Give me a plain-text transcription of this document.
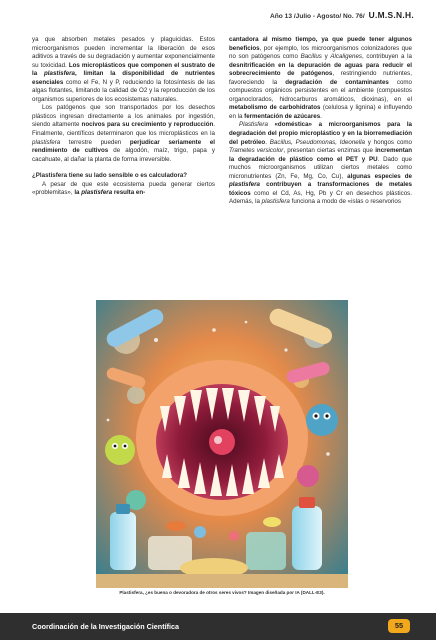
Año 13 /Julio - Agosto/ No. 76/ U.M.S.N.H.

ya que absorben metales pesados y plaguicidas. Estos microorganismos pueden incrementar la liberación de esos aditivos a través de su degradación y aumentar exponencialmente su toxicidad. Los microplásticos que componen el sustrato de la plastisfera, limitan la disponibilidad de nutrientes esenciales como el Fe, N y P, reduciendo la fotosíntesis de las algas flotantes, limitando la calidad de O2 y la reproducción de los organismos superiores de los ecosistemas naturales.

Los patógenos que son transportados por los desechos plásticos ingresan directamente a los animales por ingestión, siendo altamente nocivos para su crecimiento y reproducción. Finalmente, científicos determinaron que los microplásticos en la plastisfera terrestre pueden perjudicar seriamente el rendimiento de cultivos de algodón, maíz, trigo, papa y cacahuate, al dañar la planta de forma irreversible.

¿Plastisfera tiene su lado sensible o es calculadora?

A pesar de que este ecosistema pueda generar ciertos «problemitas», la plastisfera resulta en-

cantadora al mismo tiempo, ya que puede tener algunos beneficios, por ejemplo, los microorganismos colonizadores que no son patógenos como Bacillus y Alcaligenes, contribuyen a la desnitrificación en la depuración de aguas para reducir el sobrecrecimiento de patógenos, restringiendo nutrientes, favoreciendo la degradación de contaminantes como compuestos orgánicos persistentes en el ambiente (compuestos organoclorados, hidrocarburos aromáticos, dioxinas), en el metabolismo de carbohidratos (celulosa y lignina) e influyendo en la fermentación de azúcares.

Plastisfera «doméstica» a microorganismos para la degradación del propio microplástico y en la biorremediación del petróleo. Bacillus, Pseudomonas, Ideonella y hongos como Trametes versicolor, presentan ciertas enzimas que incrementan la degradación de plástico como el PET y PU. Dado que muchos microorganismos utilizan ciertos metales como micronutrientes (Zn, Fe, Mg, Co, Cu), algunas especies de plastisfera contribuyen a transformaciones de metales tóxicos como el Cd, As, Hg, Pb y Cr en desechos plásticos. Además, la plastisfera funciona a modo de «islas o reservorios

Plastisfera, ¿es buena o devoradora de otros seres vivos? Imagen diseñada por IA (DALL-E3).
Coordinación de la Investigación Científica	55
